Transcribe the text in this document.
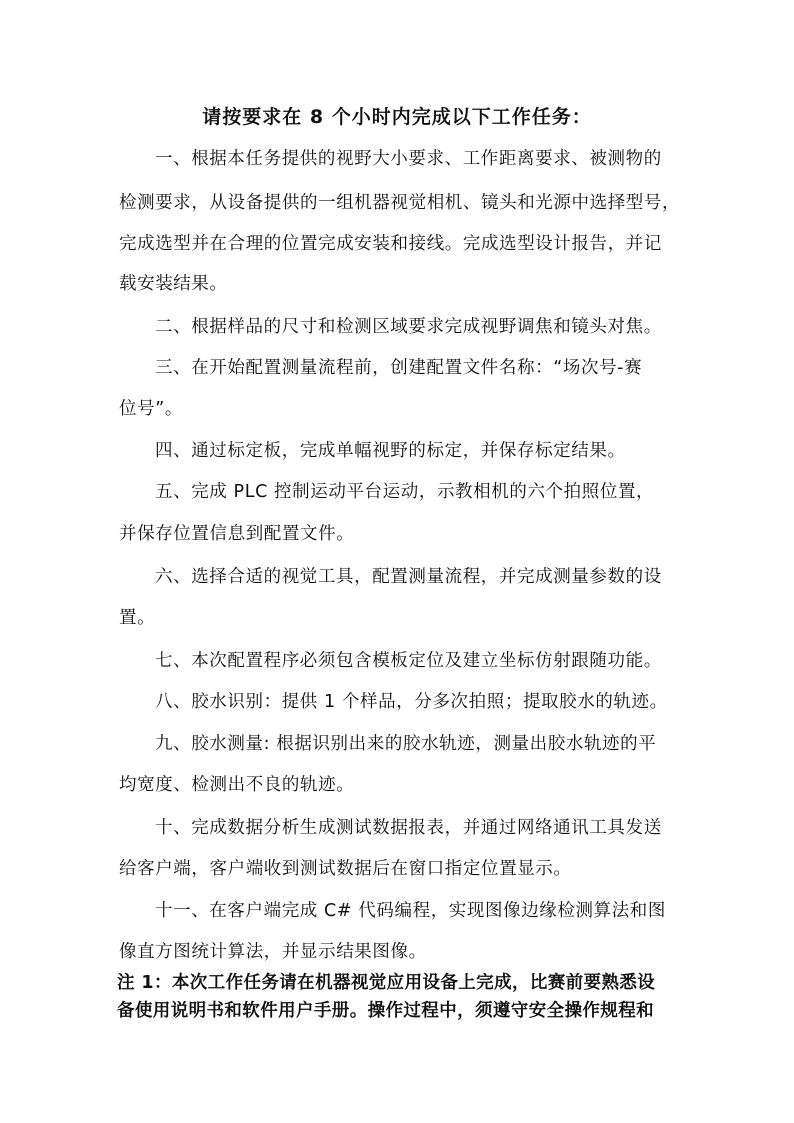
请按要求在 8 个小时内完成以下工作任务：
一、根据本任务提供的视野大小要求、工作距离要求、被测物的
检测要求，从设备提供的一组机器视觉相机、镜头和光源中选择型号，
完成选型并在合理的位置完成安装和接线。完成选型设计报告，并记
载安装结果。
二、根据样品的尺寸和检测区域要求完成视野调焦和镜头对焦。
三、在开始配置测量流程前，创建配置文件名称：“场次号-赛
位号”。
四、通过标定板，完成单幅视野的标定，并保存标定结果。
五、完成 PLC 控制运动平台运动，示教相机的六个拍照位置，
并保存位置信息到配置文件。
六、选择合适的视觉工具，配置测量流程，并完成测量参数的设
置。
七、本次配置程序必须包含模板定位及建立坐标仿射跟随功能。
八、胶水识别：提供 1 个样品，分多次拍照；提取胶水的轨迹。
九、胶水测量: 根据识别出来的胶水轨迹，测量出胶水轨迹的平
均宽度、检测出不良的轨迹。
十、完成数据分析生成测试数据报表，并通过网络通讯工具发送
给客户端，客户端收到测试数据后在窗口指定位置显示。
十一、在客户端完成 C# 代码编程，实现图像边缘检测算法和图
像直方图统计算法，并显示结果图像。
注 1：本次工作任务请在机器视觉应用设备上完成，比赛前要熟悉设
备使用说明书和软件用户手册。操作过程中，须遵守安全操作规程和
